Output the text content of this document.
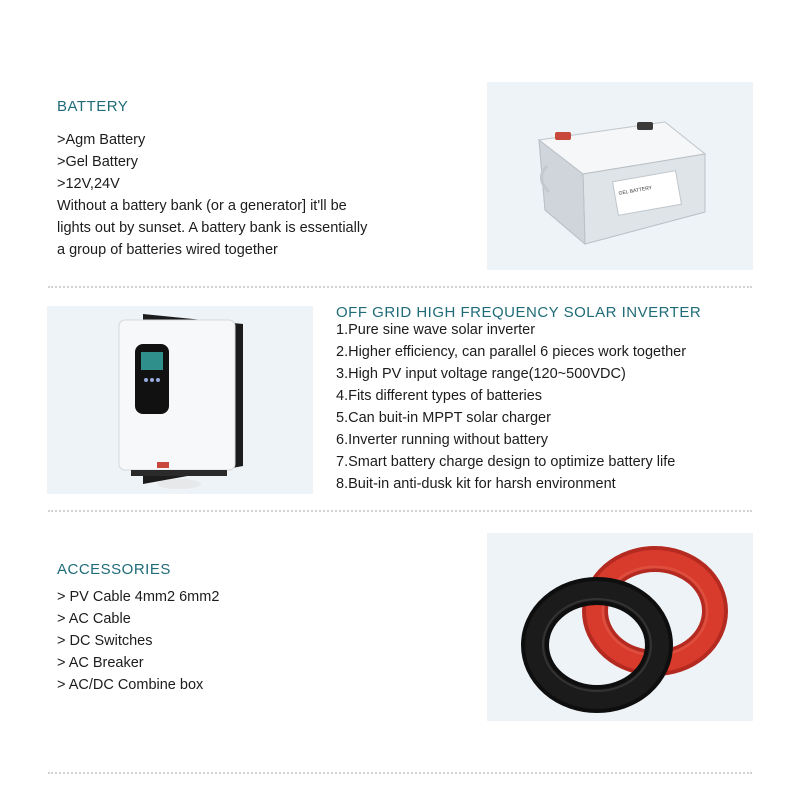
BATTERY
>Agm Battery
>Gel Battery
>12V,24V
Without a battery bank (or a generator] it'll be
lights out by sunset. A battery bank is essentially
a group of batteries wired together
GEL BATTERY
OFF GRID HIGH FREQUENCY SOLAR INVERTER
1.Pure sine wave solar inverter
2.Higher efficiency, can parallel 6 pieces work together
3.High PV input voltage range(120~500VDC)
4.Fits different types of batteries
5.Can buit-in MPPT solar charger
6.Inverter running without battery
7.Smart battery charge design to optimize battery life
8.Buit-in anti-dusk kit for harsh environment
ACCESSORIES
> PV Cable 4mm2 6mm2
> AC Cable
> DC Switches
> AC Breaker
> AC/DC Combine box
